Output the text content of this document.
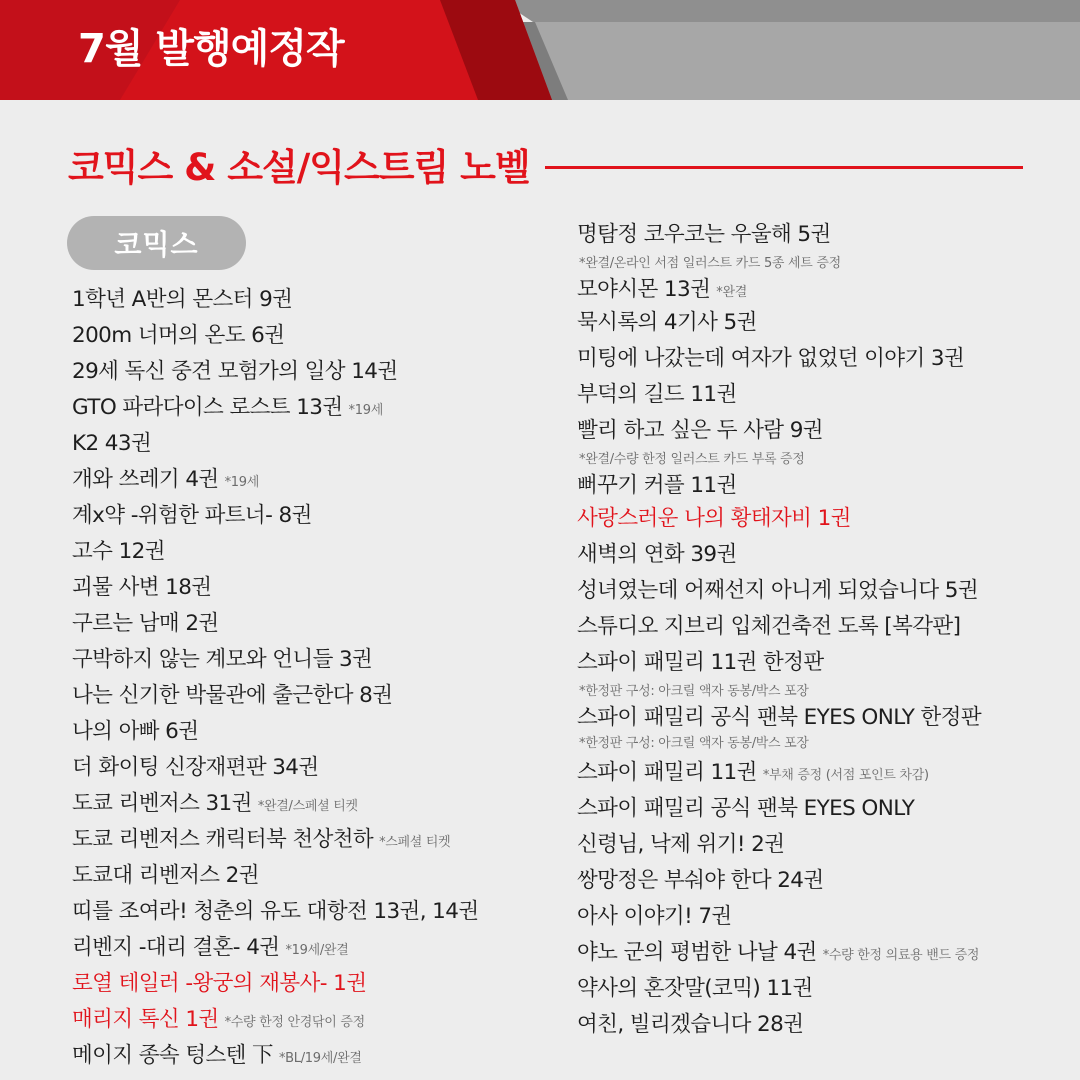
7월 발행예정작
코믹스 & 소설/익스트림 노벨
코믹스
1학년 A반의 몬스터 9권
200m 너머의 온도 6권
29세 독신 중견 모험가의 일상 14권
GTO 파라다이스 로스트 13권 *19세
K2 43권
개와 쓰레기 4권 *19세
계x약 -위험한 파트너- 8권
고수 12권
괴물 사변 18권
구르는 남매 2권
구박하지 않는 계모와 언니들 3권
나는 신기한 박물관에 출근한다 8권
나의 아빠 6권
더 화이팅 신장재편판 34권
도쿄 리벤저스 31권 *완결/스페셜 티켓
도쿄 리벤저스 캐릭터북 천상천하 *스페셜 티켓
도쿄대 리벤저스 2권
띠를 조여라! 청춘의 유도 대항전 13권, 14권
리벤지 -대리 결혼- 4권 *19세/완결
로열 테일러 -왕궁의 재봉사- 1권
매리지 톡신 1권 *수량 한정 안경닦이 증정
메이지 종속 텅스텐 下 *BL/19세/완결
명탐정 코우코는 우울해 5권
*완결/온라인 서점 일러스트 카드 5종 세트 증정
모야시몬 13권 *완결
묵시록의 4기사 5권
미팅에 나갔는데 여자가 없었던 이야기 3권
부덕의 길드 11권
빨리 하고 싶은 두 사람 9권
*완결/수량 한정 일러스트 카드 부록 증정
뻐꾸기 커플 11권
사랑스러운 나의 황태자비 1권
새벽의 연화 39권
성녀였는데 어째선지 아니게 되었습니다 5권
스튜디오 지브리 입체건축전 도록 [복각판]
스파이 패밀리 11권 한정판
*한정판 구성: 아크릴 액자 동봉/박스 포장
스파이 패밀리 공식 팬북 EYES ONLY 한정판
*한정판 구성: 아크릴 액자 동봉/박스 포장
스파이 패밀리 11권 *부채 증정 (서점 포인트 차감)
스파이 패밀리 공식 팬북 EYES ONLY
신령님, 낙제 위기! 2권
쌍망정은 부숴야 한다 24권
아사 이야기! 7권
야노 군의 평범한 나날 4권 *수량 한정 의료용 밴드 증정
약사의 혼잣말(코믹) 11권
여친, 빌리겠습니다 28권
